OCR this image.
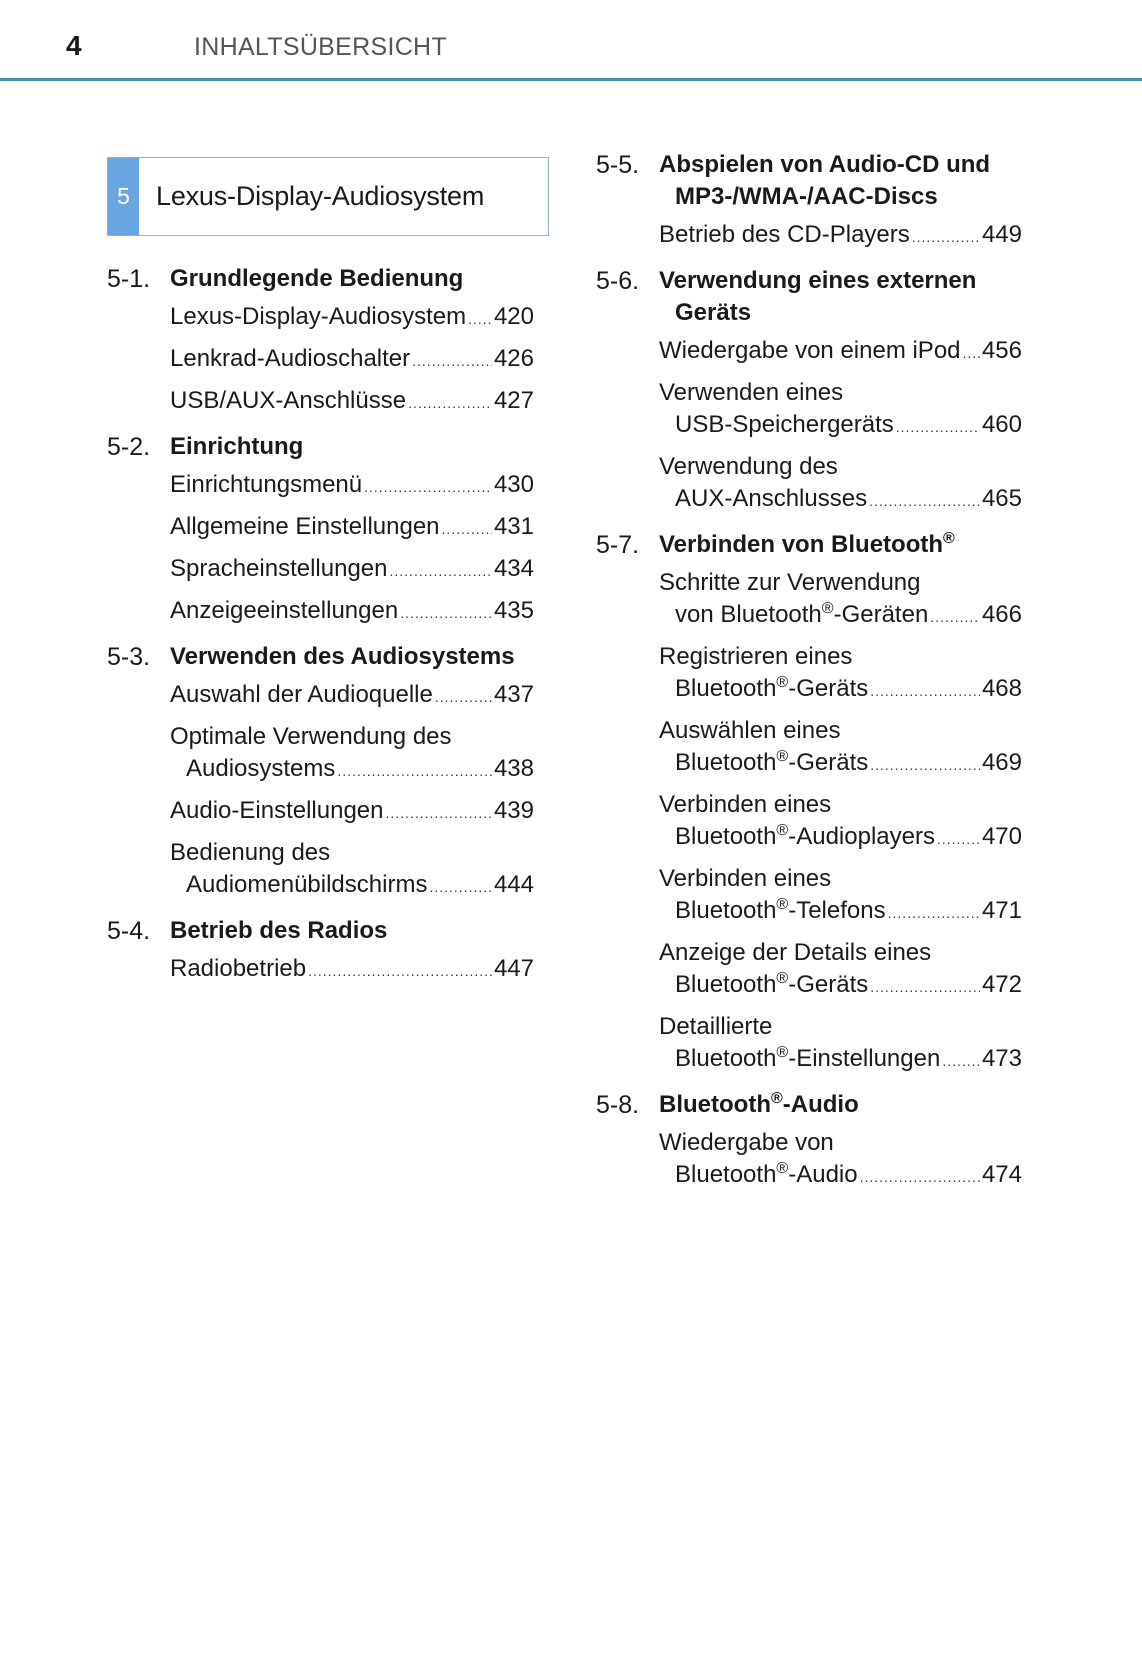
4	INHALTSÜBERSICHT
5 Lexus-Display-Audiosystem
5-1. Grundlegende Bedienung
Lexus-Display-Audiosystem ..... 420
Lenkrad-Audioschalter .....	426
USB/AUX-Anschlüsse .....	427
5-2. Einrichtung
Einrichtungsmenü .....	430
Allgemeine Einstellungen ..... 431
Spracheinstellungen .....	434
Anzeigeeinstellungen .....	435
5-3. Verwenden des Audiosystems
Auswahl der Audioquelle .....	437
Optimale Verwendung des
Audiosystems .....	438
Audio-Einstellungen .....	439
Bedienung des
Audiomenübildschirms .....	444
5-4. Betrieb des Radios
Radiobetrieb .....	447
5-5. Abspielen von Audio-CD und
MP3-/WMA-/AAC-Discs
Betrieb des CD-Players .....	449
5-6. Verwendung eines externen
Geräts
Wiedergabe von einem iPod ..... 456
Verwenden eines
USB-Speichergeräts .....	460
Verwendung des
AUX-Anschlusses .....	465
5-7. Verbinden von Bluetooth®
Schritte zur Verwendung
von Bluetooth®-Geräten ..... 466
Registrieren eines
Bluetooth®-Geräts .....	468
Auswählen eines
Bluetooth®-Geräts .....	469
Verbinden eines
Bluetooth®-Audioplayers ..... 470
Verbinden eines
Bluetooth®-Telefons .....	471
Anzeige der Details eines
Bluetooth®-Geräts .....	472
Detaillierte
Bluetooth®-Einstellungen ..... 473
5-8. Bluetooth®-Audio
Wiedergabe von
Bluetooth®-Audio .....	474
